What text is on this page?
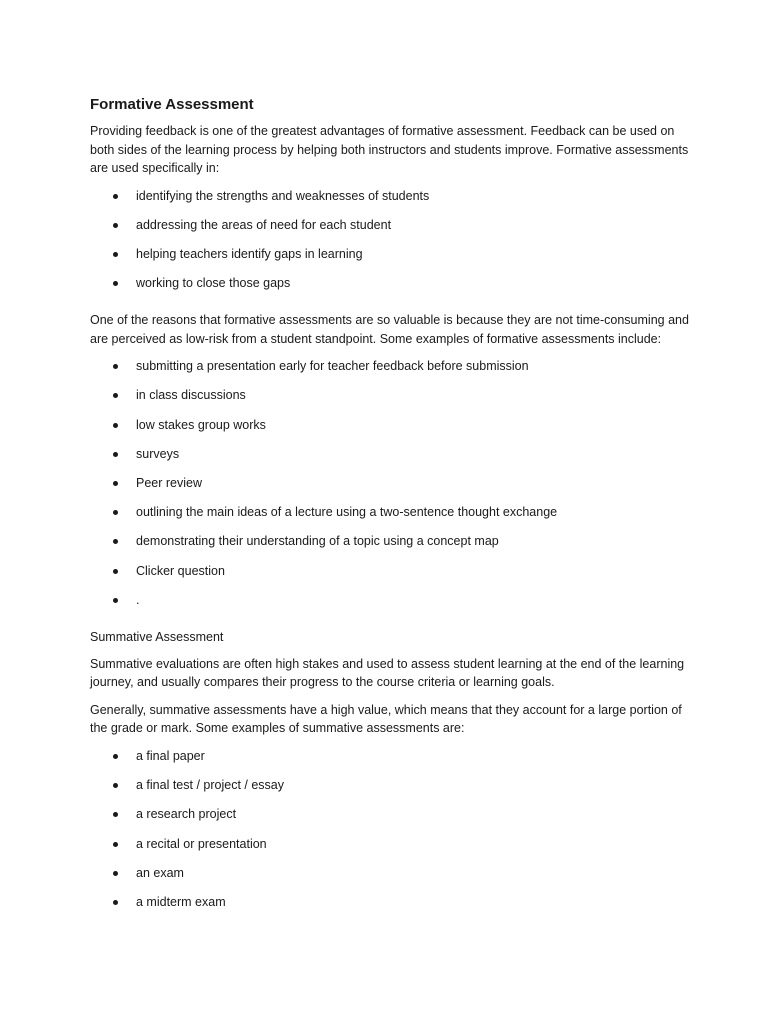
Formative Assessment

Providing feedback is one of the greatest advantages of formative assessment. Feedback can be used on both sides of the learning process by helping both instructors and students improve. Formative assessments are used specifically in:

identifying the strengths and weaknesses of students
addressing the areas of need for each student
helping teachers identify gaps in learning
working to close those gaps

One of the reasons that formative assessments are so valuable is because they are not time-consuming and are perceived as low-risk from a student standpoint. Some examples of formative assessments include:

submitting a presentation early for teacher feedback before submission
in class discussions
low stakes group works
surveys
Peer review
outlining the main ideas of a lecture using a two-sentence thought exchange
demonstrating their understanding of a topic using a concept map
Clicker question
.
Summative Assessment

Summative evaluations are often high stakes and used to assess student learning at the end of the learning journey, and usually compares their progress to the course criteria or learning goals.

Generally, summative assessments have a high value, which means that they account for a large portion of the grade or mark. Some examples of summative assessments are:

a final paper
a final test / project / essay
a research project
a recital or presentation
an exam
a midterm exam
